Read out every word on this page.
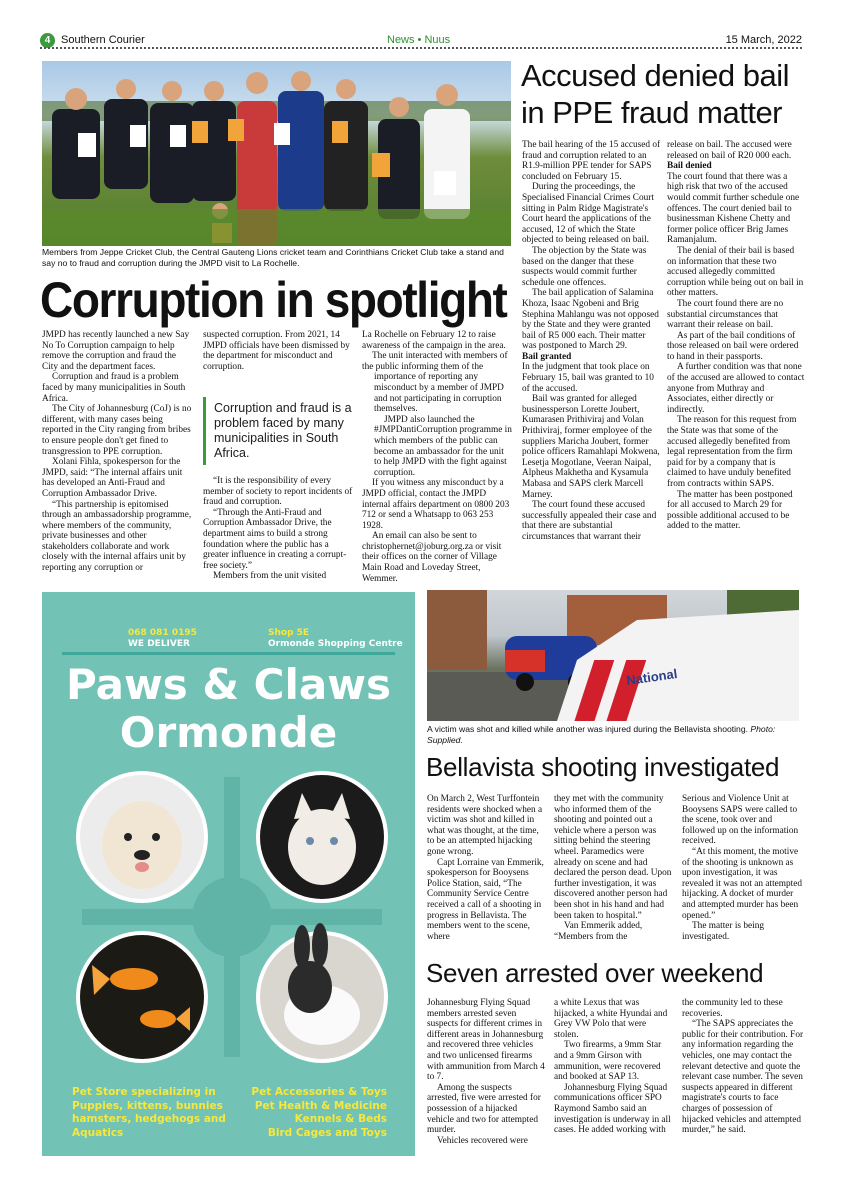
4 Southern Courier	News • Nuus	15 March, 2022
Members from Jeppe Cricket Club, the Central Gauteng Lions cricket team and Corinthians Cricket Club take a stand and say no to fraud and corruption during the JMPD visit to La Rochelle.
Corruption in spotlight

JMPD has recently launched a new Say No To Corruption campaign to help remove the corruption and fraud the City and the department faces.

Corruption and fraud is a problem faced by many municipalities in South Africa.

The City of Johannesburg (CoJ) is no different, with many cases being reported in the City ranging from bribes to ensure people don't get fined to transgression to PPE corruption.

Xolani Fihla, spokesperson for the JMPD, said: “The internal affairs unit has developed an Anti-Fraud and Corruption Ambassador Drive.

“This partnership is epitomised through an ambassadorship programme, where members of the community, private businesses and other stakeholders collaborate and work closely with the internal affairs unit by reporting any corruption or

suspected corruption. From 2021, 14 JMPD officials have been dismissed by the department for misconduct and corruption.

Corruption and fraud is a problem faced by many municipalities in South Africa.

“It is the responsibility of every member of society to report incidents of fraud and corruption.

“Through the Anti-Fraud and Corruption Ambassador Drive, the department aims to build a strong foundation where the public has a greater influence in creating a corrupt-free society.”

Members from the unit visited

La Rochelle on February 12 to raise awareness of the campaign in the area.

The unit interacted with members of the public informing them of the

importance of reporting any misconduct by a member of JMPD and not participating in corruption themselves.

JMPD also launched the #JMPDantiCorruption programme in which members of the public can become an ambassador for the unit to help JMPD with the fight against corruption.

If you witness any misconduct by a JMPD official, contact the JMPD internal affairs department on 0800 203 712 or send a Whatsapp to 063 253 1928.

An email can also be sent to christophernet@joburg.org.za or visit their offices on the corner of Village Main Road and Loveday Street, Wemmer.

Accused denied bail in PPE fraud matter

The bail hearing of the 15 accused of fraud and corruption related to an R1.9-million PPE tender for SAPS concluded on February 15.

During the proceedings, the Specialised Financial Crimes Court sitting in Palm Ridge Magistrate's Court heard the applications of the accused, 12 of which the State objected to being released on bail.

The objection by the State was based on the danger that these suspects would commit further schedule one offences.

The bail application of Salamina Khoza, Isaac Ngobeni and Brig Stephina Mahlangu was not opposed by the State and they were granted bail of R5 000 each. Their matter was postponed to March 29.

Bail granted

In the judgment that took place on February 15, bail was granted to 10 of the accused.

Bail was granted for alleged businessperson Lorette Joubert, Kumarasen Prithiviraj and Volan Prithiviraj, former employee of the suppliers Maricha Joubert, former police officers Ramahlapi Mokwena, Lesetja Mogotlane, Veeran Naipal, Alpheus Makhetha and Kysamula Mabasa and SAPS clerk Marcell Marney.

The court found these accused successfully appealed their case and that there are substantial circumstances that warrant their

release on bail. The accused were released on bail of R20 000 each.

Bail denied

The court found that there was a high risk that two of the accused would commit further schedule one offences. The court denied bail to businessman Kishene Chetty and former police officer Brig James Ramanjalum.

The denial of their bail is based on information that these two accused allegedly committed corruption while being out on bail in other matters.

The court found there are no substantial circumstances that warrant their release on bail.

As part of the bail conditions of those released on bail were ordered to hand in their passports.

A further condition was that none of the accused are allowed to contact anyone from Muthray and Associates, either directly or indirectly.

The reason for this request from the State was that some of the accused allegedly benefited from legal representation from the firm paid for by a company that is claimed to have unduly benefited from contracts within SAPS.

The matter has been postponed for all accused to March 29 for possible additional accused to be added to the matter.

068 081 0195
WE DELIVER
Shop 5E
Ormonde Shopping Centre
Paws & Claws
Ormonde
Pet Store specializing in Puppies, kittens, bunnies hamsters, hedgehogs and Aquatics
Pet Accessories & Toys
Pet Health & Medicine
Kennels & Beds
Bird Cages and Toys
National
A victim was shot and killed while another was injured during the Bellavista shooting. Photo: Supplied.
Bellavista shooting investigated

On March 2, West Turffontein residents were shocked when a victim was shot and killed in what was thought, at the time, to be an attempted hijacking gone wrong.

Capt Lorraine van Emmerik, spokesperson for Booysens Police Station, said, “The Community Service Centre received a call of a shooting in progress in Bellavista. The members went to the scene, where

they met with the community who informed them of the shooting and pointed out a vehicle where a person was sitting behind the steering wheel. Paramedics were already on scene and had declared the person dead. Upon further investigation, it was discovered another person had been shot in his hand and had been taken to hospital.”

Van Emmerik added, “Members from the

Serious and Violence Unit at Booysens SAPS were called to the scene, took over and followed up on the information received.

“At this moment, the motive of the shooting is unknown as upon investigation, it was revealed it was not an attempted hijacking. A docket of murder and attempted murder has been opened.”

The matter is being investigated.

Seven arrested over weekend

Johannesburg Flying Squad members arrested seven suspects for different crimes in different areas in Johannesburg and recovered three vehicles and two unlicensed firearms with ammunition from March 4 to 7.

Among the suspects arrested, five were arrested for possession of a hijacked vehicle and two for attempted murder.

Vehicles recovered were

a white Lexus that was hijacked, a white Hyundai and Grey VW Polo that were stolen.

Two firearms, a 9mm Star and a 9mm Girson with ammunition, were recovered and booked at SAP 13.

Johannesburg Flying Squad communications officer SPO Raymond Sambo said an investigation is underway in all cases. He added working with

the community led to these recoveries.

“The SAPS appreciates the public for their contribution. For any information regarding the vehicles, one may contact the relevant detective and quote the relevant case number. The seven suspects appeared in different magistrate's courts to face charges of possession of hijacked vehicles and attempted murder,” he said.
